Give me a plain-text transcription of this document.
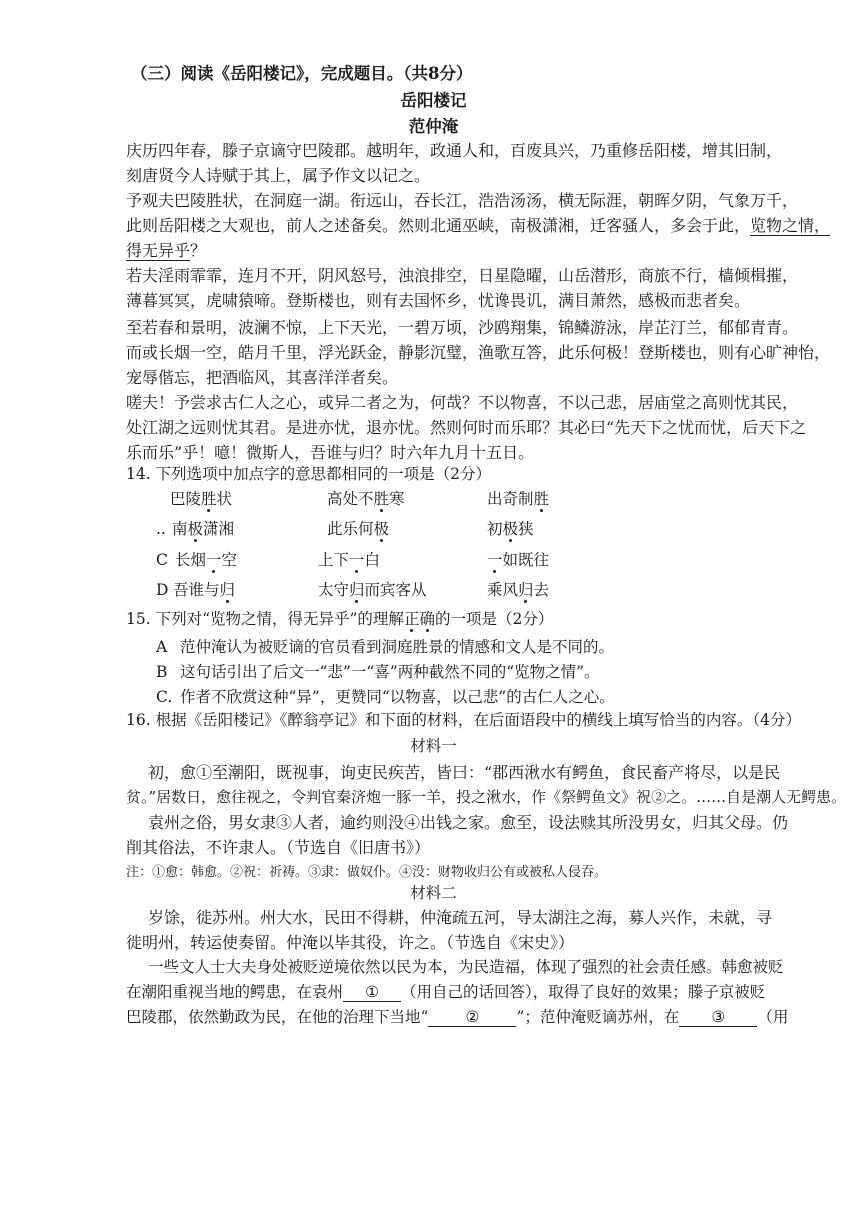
（三）阅读《岳阳楼记》，完成题目。（共8分）
岳阳楼记
范仲淹
庆历四年春，滕子京谪守巴陵郡。越明年，政通人和，百废具兴，乃重修岳阳楼，增其旧制，
刻唐贤今人诗赋于其上，属予作文以记之。
予观夫巴陵胜状，在洞庭一湖。衔远山，吞长江，浩浩汤汤，横无际涯，朝晖夕阴，气象万千，
此则岳阳楼之大观也，前人之述备矣。然则北通巫峡，南极潇湘，迁客骚人，多会于此，览物之情，
得无异乎？
若夫淫雨霏霏，连月不开，阴风怒号，浊浪排空，日星隐曜，山岳潜形，商旅不行，樯倾楫摧，
薄暮冥冥，虎啸猿啼。登斯楼也，则有去国怀乡，忧谗畏讥，满目萧然，感极而悲者矣。
至若春和景明，波澜不惊，上下天光，一碧万顷，沙鸥翔集，锦鳞游泳，岸芷汀兰，郁郁青青。
而或长烟一空，皓月千里，浮光跃金，静影沉璧，渔歌互答，此乐何极！登斯楼也，则有心旷神怡，
宠辱偕忘，把酒临风，其喜洋洋者矣。
嗟夫！予尝求古仁人之心，或异二者之为，何哉？不以物喜，不以己悲，居庙堂之高则忧其民，
处江湖之远则忧其君。是进亦忧，退亦忧。然则何时而乐耶？其必曰“先天下之忧而忧，后天下之
乐而乐”乎！噫！微斯人，吾谁与归？时六年九月十五日。
14. 下列选项中加点字的意思都相同的一项是（2分）
巴陵胜状	高处不胜寒	出奇制胜
.. 南极潇湘	此乐何极	初极狭
C 长烟一空	上下一白	一如既往
D 吾谁与归	太守归而宾客从	乘风归去
15. 下列对“览物之情，得无异乎”的理解正确的一项是（2分）
A 范仲淹认为被贬谪的官员看到洞庭胜景的情感和文人是不同的。
B 这句话引出了后文一“悲”一“喜”两种截然不同的“览物之情”。
C. 作者不欣赏这种“异”，更赞同“以物喜，以己悲”的古仁人之心。
16. 根据《岳阳楼记》《醉翁亭记》和下面的材料，在后面语段中的横线上填写恰当的内容。（4分）
材料一
初，愈①至潮阳，既视事，询吏民疾苦，皆曰：“郡西湫水有鳄鱼，食民畜产将尽，以是民
贫。”居数日，愈往视之，令判官秦济炮一豚一羊，投之湫水，作《祭鳄鱼文》祝②之。……自是潮人无鳄患。
袁州之俗，男女隶③人者，逾约则没④出钱之家。愈至，设法赎其所没男女，归其父母。仍
削其俗法，不许隶人。（节选自《旧唐书》）
注：①愈：韩愈。②祝：祈祷。③隶：做奴仆。④没：财物收归公有或被私人侵吞。
材料二
岁馀，徙苏州。州大水，民田不得耕，仲淹疏五河，导太湖注之海，募人兴作，未就，寻
徙明州，转运使奏留。仲淹以毕其役，许之。（节选自《宋史》）
一些文人士大夫身处被贬逆境依然以民为本，为民造福，体现了强烈的社会责任感。韩愈被贬
在潮阳重视当地的鳄患，在袁州 ① （用自己的话回答），取得了良好的效果；滕子京被贬
巴陵郡，依然勤政为民，在他的治理下当地“ ② ”；范仲淹贬谪苏州，在 ③ （用
